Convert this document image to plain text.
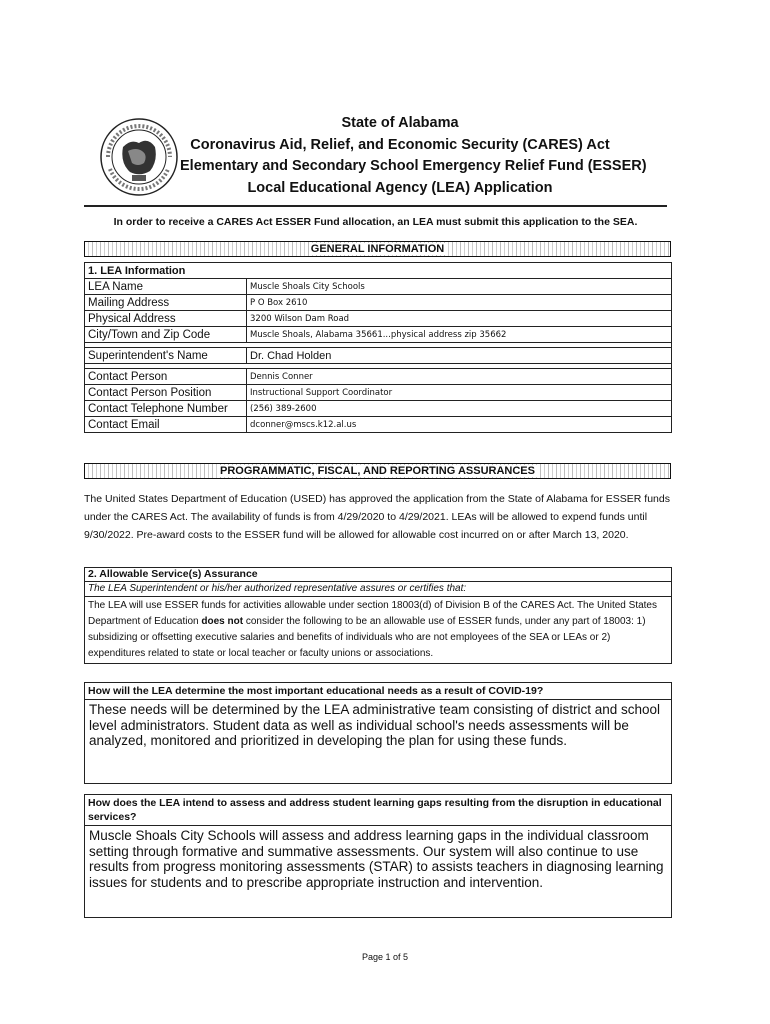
State of Alabama
Coronavirus Aid, Relief, and Economic Security (CARES) Act
Elementary and Secondary School Emergency Relief Fund (ESSER)
Local Educational Agency (LEA) Application
In order to receive a CARES Act ESSER Fund allocation, an LEA must submit this application to the SEA.
GENERAL INFORMATION
1. LEA Information	
LEA Name	Muscle Shoals City Schools
Mailing Address	P O Box 2610
Physical Address	3200 Wilson Dam Road
City/Town and Zip Code	Muscle Shoals, Alabama 35661...physical address zip 35662

Superintendent's Name	Dr. Chad Holden

Contact Person	Dennis Conner
Contact Person Position	Instructional Support Coordinator
Contact Telephone Number	(256) 389-2600
Contact Email	dconner@mscs.k12.al.us
PROGRAMMATIC, FISCAL, AND REPORTING ASSURANCES
The United States Department of Education (USED) has approved the application from the State of Alabama for ESSER funds under the CARES Act. The availability of funds is from 4/29/2020 to 4/29/2021. LEAs will be allowed to expend funds until 9/30/2022. Pre-award costs to the ESSER fund will be allowed for allowable cost incurred on or after March 13, 2020.
2. Allowable Service(s) Assurance
The LEA Superintendent or his/her authorized representative assures or certifies that:
The LEA will use ESSER funds for activities allowable under section 18003(d) of Division B of the CARES Act. The United States Department of Education does not consider the following to be an allowable use of ESSER funds, under any part of 18003: 1) subsidizing or offsetting executive salaries and benefits of individuals who are not employees of the SEA or LEAs or 2) expenditures related to state or local teacher or faculty unions or associations.
How will the LEA determine the most important educational needs as a result of COVID-19?
These needs will be determined by the LEA administrative team consisting of district and school level administrators. Student data as well as individual school's needs assessments will be analyzed, monitored and prioritized in developing the plan for using these funds.
How does the LEA intend to assess and address student learning gaps resulting from the disruption in educational services?
Muscle Shoals City Schools will assess and address learning gaps in the individual classroom setting through formative and summative assessments. Our system will also continue to use results from progress monitoring assessments (STAR) to assists teachers in diagnosing learning issues for students and to prescribe appropriate instruction and intervention.
Page 1 of 5
